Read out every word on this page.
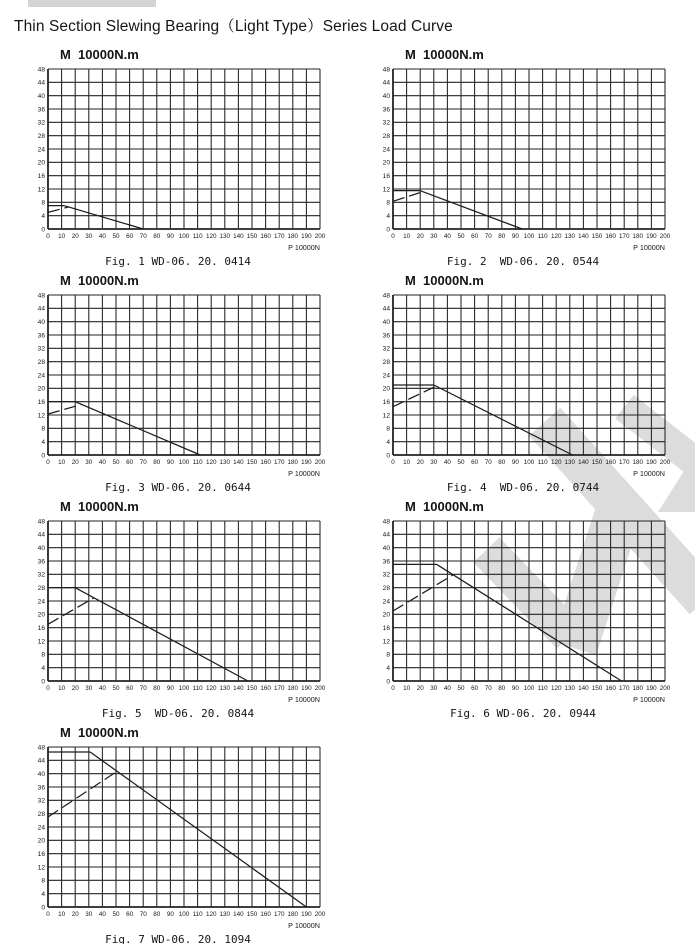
Thin Section Slewing Bearing（Light Type）Series Load Curve
M  10000N.m
0 10 20 30 40 50 60 70 80 90 100 110 120 130 140 150 160 170 180 190 200
0
4
8
12
16
20
24
28
32
36
40
44
48
P 10000N
Fig. 1 WD-06. 20. 0414
M  10000N.m
0 10 20 30 40 50 60 70 80 90 100 110 120 130 140 150 160 170 180 190 200
0
4
8
12
16
20
24
28
32
36
40
44
48
P 10000N
Fig. 2  WD-06. 20. 0544
M  10000N.m
0 10 20 30 40 50 60 70 80 90 100 110 120 130 140 150 160 170 180 190 200
0
4
8
12
16
20
24
28
32
36
40
44
48
P 10000N
Fig. 3 WD-06. 20. 0644
M  10000N.m
0 10 20 30 40 50 60 70 80 90 100 110 120 130 140 150 160 170 180 190 200
0
4
8
12
16
20
24
28
32
36
40
44
48
P 10000N
Fig. 4  WD-06. 20. 0744
M  10000N.m
0 10 20 30 40 50 60 70 80 90 100 110 120 130 140 150 160 170 180 190 200
0
4
8
12
16
20
24
28
32
36
40
44
48
P 10000N
Fig. 5  WD-06. 20. 0844
M  10000N.m
0 10 20 30 40 50 60 70 80 90 100 110 120 130 140 150 160 170 180 190 200
0
4
8
12
16
20
24
28
32
36
40
44
48
P 10000N
Fig. 6 WD-06. 20. 0944
M  10000N.m
0 10 20 30 40 50 60 70 80 90 100 110 120 130 140 150 160 170 180 190 200
0
4
8
12
16
20
24
28
32
36
40
44
48
P 10000N
Fig. 7 WD-06. 20. 1094
